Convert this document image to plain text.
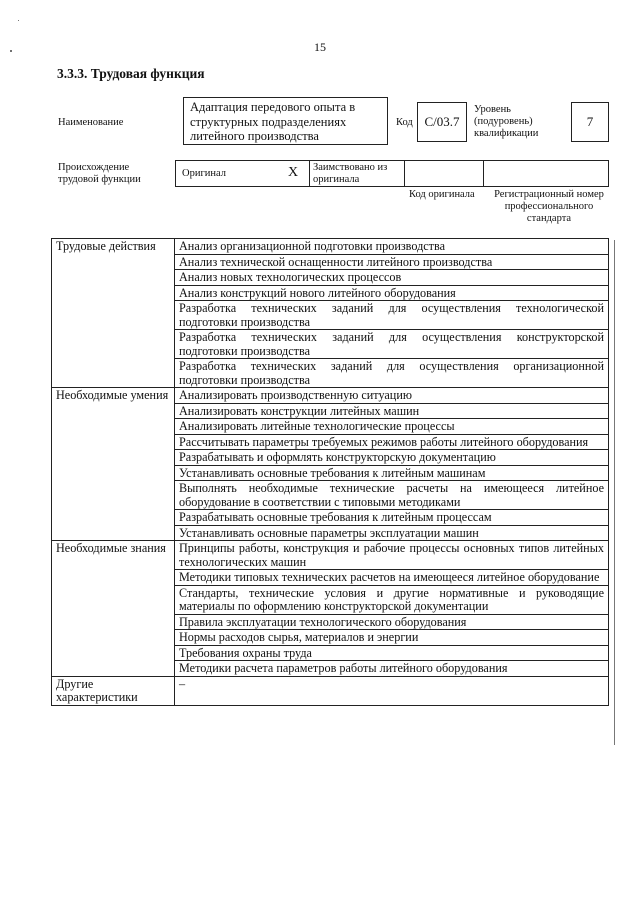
15
3.3.3. Трудовая функция
Наименование
Адаптация передового опыта в структурных подразделениях литейного производства
Код C/03.7
Уровень (подуровень) квалификации
7
Происхождение трудовой функции
Оригинал	X Заимствовано из оригинала
Код оригинала	Регистрационный номер профессионального стандарта
Трудовые действия	Анализ организационной подготовки производства
	Анализ технической оснащенности литейного производства
	Анализ новых технологических процессов
	Анализ конструкций нового литейного оборудования
	Разработка технических заданий для осуществления технологической подготовки производства
	Разработка технических заданий для осуществления конструкторской подготовки производства
	Разработка технических заданий для осуществления организационной подготовки производства
Необходимые умения	Анализировать производственную ситуацию
	Анализировать конструкции литейных машин
	Анализировать литейные технологические процессы
	Рассчитывать параметры требуемых режимов работы литейного оборудования
	Разрабатывать и оформлять конструкторскую документацию
	Устанавливать основные требования к литейным машинам
	Выполнять необходимые технические расчеты на имеющееся литейное оборудование в соответствии с типовыми методиками
	Разрабатывать основные требования к литейным процессам
	Устанавливать основные параметры эксплуатации машин
Необходимые знания	Принципы работы, конструкция и рабочие процессы основных типов литейных технологических машин
	Методики типовых технических расчетов на имеющееся литейное оборудование
	Стандарты, технические условия и другие нормативные и руководящие материалы по оформлению конструкторской документации
	Правила эксплуатации технологического оборудования
	Нормы расходов сырья, материалов и энергии
	Требования охраны труда
	Методики расчета параметров работы литейного оборудования
Другие характеристики	–
